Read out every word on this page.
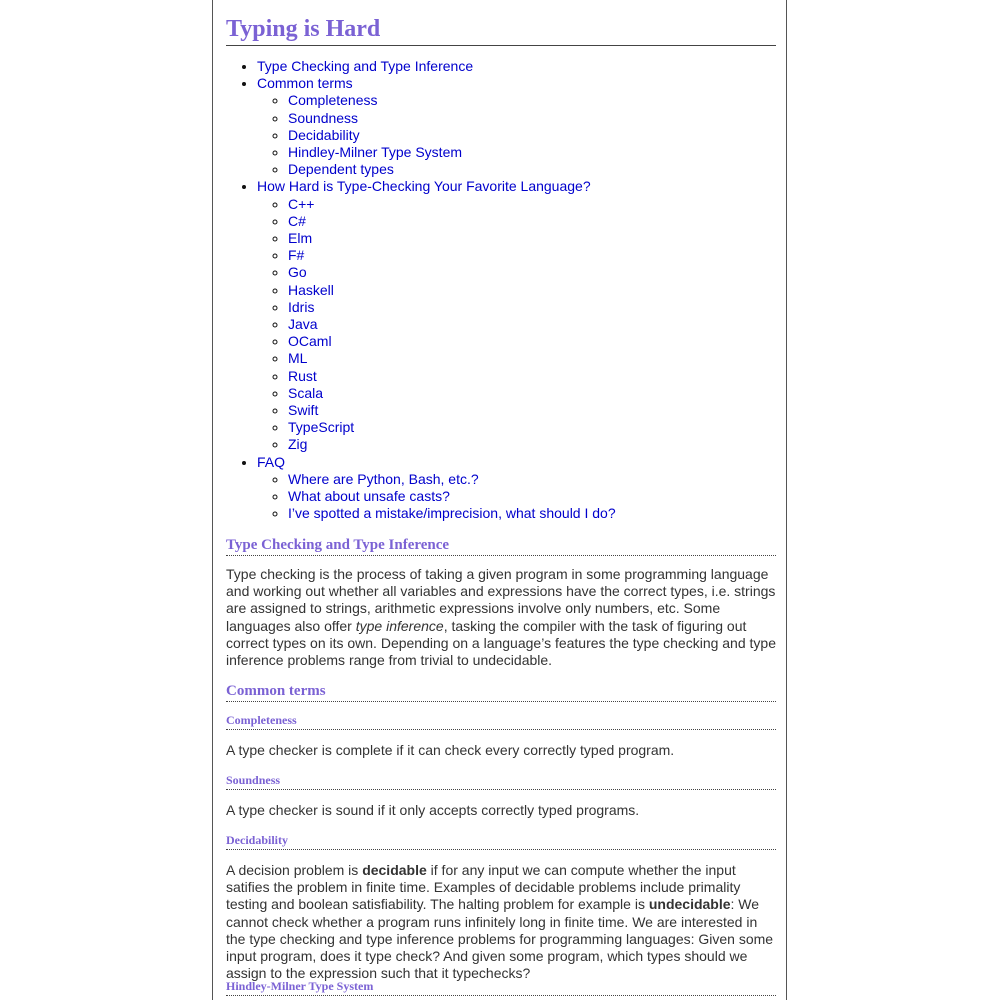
Typing is Hard
• Type Checking and Type Inference
• Common terms
◦ Completeness
◦ Soundness
◦ Decidability
◦ Hindley-Milner Type System
◦ Dependent types
• How Hard is Type-Checking Your Favorite Language?
◦ C++
◦ C#
◦ Elm
◦ F#
◦ Go
◦ Haskell
◦ Idris
◦ Java
◦ OCaml
◦ ML
◦ Rust
◦ Scala
◦ Swift
◦ TypeScript
◦ Zig
• FAQ
◦ Where are Python, Bash, etc.?
◦ What about unsafe casts?
◦ I’ve spotted a mistake/imprecision, what should I do?
Type Checking and Type Inference

Type checking is the process of taking a given program in some programming language and working out whether all variables and expressions have the correct types, i.e. strings are assigned to strings, arithmetic expressions involve only numbers, etc. Some languages also offer type inference, tasking the compiler with the task of figuring out correct types on its own. Depending on a language’s features the type checking and type inference problems range from trivial to undecidable.

Common terms
Completeness

A type checker is complete if it can check every correctly typed program.

Soundness

A type checker is sound if it only accepts correctly typed programs.

Decidability

A decision problem is decidable if for any input we can compute whether the input satifies the problem in finite time. Examples of decidable problems include primality testing and boolean satisfiability. The halting problem for example is undecidable: We cannot check whether a program runs infinitely long in finite time. We are interested in the type checking and type inference problems for programming languages: Given some input program, does it type check? And given some program, which types should we assign to the expression such that it typechecks?

Hindley-Milner Type System
